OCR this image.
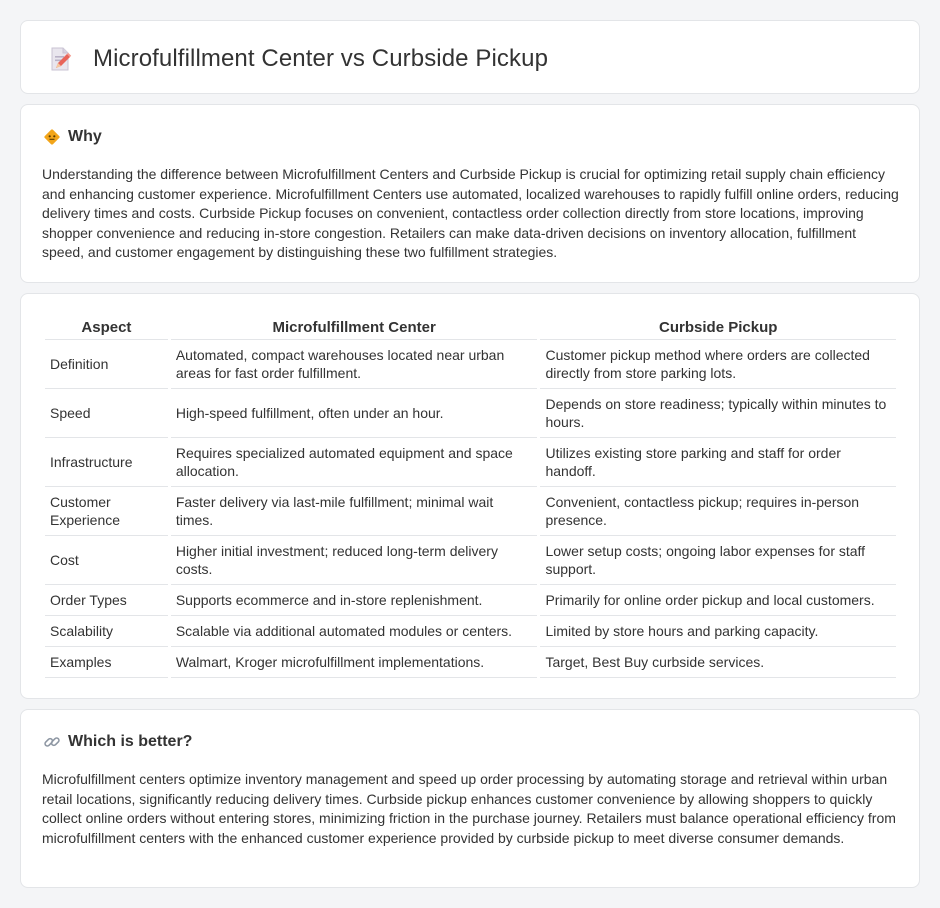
Microfulfillment Center vs Curbside Pickup
Why

Understanding the difference between Microfulfillment Centers and Curbside Pickup is crucial for optimizing retail supply chain efficiency and enhancing customer experience. Microfulfillment Centers use automated, localized warehouses to rapidly fulfill online orders, reducing delivery times and costs. Curbside Pickup focuses on convenient, contactless order collection directly from store locations, improving shopper convenience and reducing in-store congestion. Retailers can make data-driven decisions on inventory allocation, fulfillment speed, and customer engagement by distinguishing these two fulfillment strategies.

Aspect	Microfulfillment Center	Curbside Pickup
Definition	Automated, compact warehouses located near urban areas for fast order fulfillment.	Customer pickup method where orders are collected directly from store parking lots.
Speed	High-speed fulfillment, often under an hour.	Depends on store readiness; typically within minutes to hours.
Infrastructure	Requires specialized automated equipment and space allocation.	Utilizes existing store parking and staff for order handoff.
Customer Experience	Faster delivery via last-mile fulfillment; minimal wait times.	Convenient, contactless pickup; requires in-person presence.
Cost	Higher initial investment; reduced long-term delivery costs.	Lower setup costs; ongoing labor expenses for staff support.
Order Types	Supports ecommerce and in-store replenishment.	Primarily for online order pickup and local customers.
Scalability	Scalable via additional automated modules or centers.	Limited by store hours and parking capacity.
Examples	Walmart, Kroger microfulfillment implementations.	Target, Best Buy curbside services.
Which is better?

Microfulfillment centers optimize inventory management and speed up order processing by automating storage and retrieval within urban retail locations, significantly reducing delivery times. Curbside pickup enhances customer convenience by allowing shoppers to quickly collect online orders without entering stores, minimizing friction in the purchase journey. Retailers must balance operational efficiency from microfulfillment centers with the enhanced customer experience provided by curbside pickup to meet diverse consumer demands.
